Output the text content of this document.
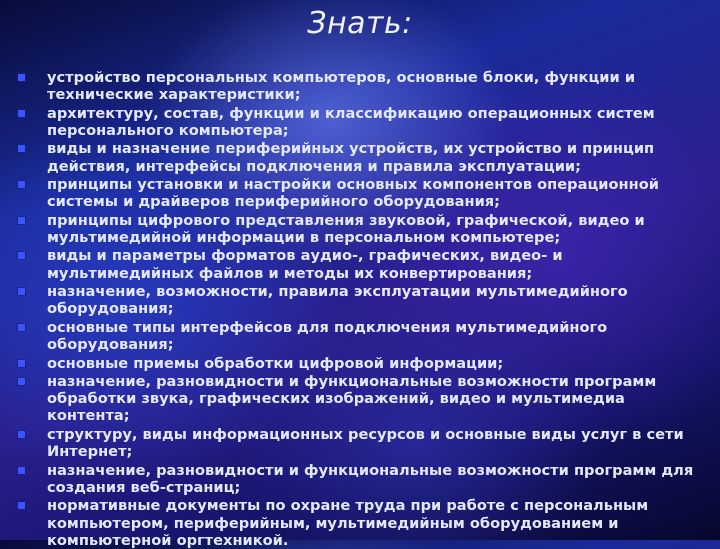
Знать:
устройство персональных компьютеров, основные блоки, функции и технические характеристики;
архитектуру, состав, функции и классификацию операционных систем персонального компьютера;
виды и назначение периферийных устройств, их устройство и принцип действия, интерфейсы подключения и правила эксплуатации;
принципы установки и настройки основных компонентов операционной системы и драйверов периферийного оборудования;
принципы цифрового представления звуковой, графической, видео и мультимедийной информации в персональном компьютере;
виды и параметры форматов аудио-, графических, видео- и мультимедийных файлов и методы их конвертирования;
назначение, возможности, правила эксплуатации мультимедийного оборудования;
основные типы интерфейсов для подключения мультимедийного оборудования;
основные приемы обработки цифровой информации;
назначение, разновидности и функциональные возможности программ обработки звука, графических изображений, видео и мультимедиа контента;
структуру, виды информационных ресурсов и основные виды услуг в сети Интернет;
назначение, разновидности и функциональные возможности программ для создания веб-страниц;
нормативные документы по охране труда при работе с персональным компьютером, периферийным, мультимедийным оборудованием и компьютерной оргтехникой.
